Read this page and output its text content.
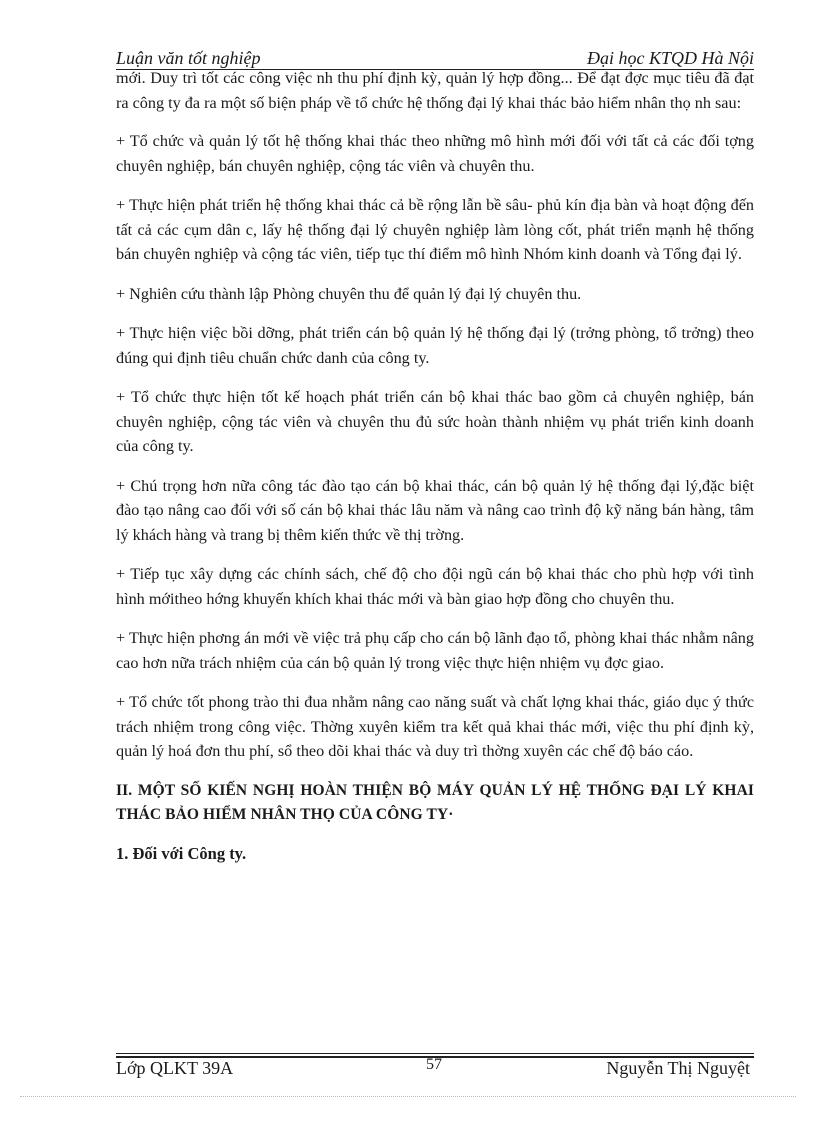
Luận văn tốt nghiệp	Đại học KTQD Hà Nội

mới. Duy trì tốt các công việc nh thu phí định kỳ, quản lý hợp đồng... Để đạt đợc mục tiêu đã đạt ra công ty đa ra một số biện pháp về tổ chức hệ thống đại lý khai thác bảo hiểm nhân thọ nh sau:

+ Tổ chức và quản lý tốt hệ thống khai thác theo những mô hình mới đối với tất cả các đối tợng chuyên nghiệp, bán chuyên nghiệp, cộng tác viên và chuyên thu.

+ Thực hiện phát triển hệ thống khai thác cả bề rộng lẫn bề sâu- phủ kín địa bàn và hoạt động đến tất cả các cụm dân c, lấy hệ thống đại lý chuyên nghiệp làm lòng cốt, phát triển mạnh hệ thống bán chuyên nghiệp và cộng tác viên, tiếp tục thí điểm mô hình Nhóm kinh doanh và Tổng đại lý.

+ Nghiên cứu thành lập Phòng chuyên thu để quản lý đại lý chuyên thu.

+ Thực hiện việc bồi dỡng, phát triển cán bộ quản lý hệ thống đại lý (trởng phòng, tổ trởng) theo đúng qui định tiêu chuẩn chức danh của công ty.

+ Tổ chức thực hiện tốt kế hoạch phát triển cán bộ khai thác bao gồm cả chuyên nghiệp, bán chuyên nghiệp, cộng tác viên và chuyên thu đủ sức hoàn thành nhiệm vụ phát triển kinh doanh của công ty.

+ Chú trọng hơn nữa công tác đào tạo cán bộ khai thác, cán bộ quản lý hệ thống đại lý,đặc biệt đào tạo nâng cao đối với số cán bộ khai thác lâu năm và nâng cao trình độ kỹ năng bán hàng, tâm lý khách hàng và trang bị thêm kiến thức về thị trờng.

+ Tiếp tục xây dựng các chính sách, chế độ cho đội ngũ cán bộ khai thác cho phù hợp với tình hình mớitheo hớng khuyến khích khai thác mới và bàn giao hợp đồng cho chuyên thu.

+ Thực hiện phơng án mới về việc trả phụ cấp cho cán bộ lãnh đạo tổ, phòng khai thác nhằm nâng cao hơn nữa trách nhiệm của cán bộ quản lý trong việc thực hiện nhiệm vụ đợc giao.

+ Tổ chức tốt phong trào thi đua nhằm nâng cao năng suất và chất lợng khai thác, giáo dục ý thức trách nhiệm trong công việc. Thờng xuyên kiểm tra kết quả khai thác mới, việc thu phí định kỳ, quản lý hoá đơn thu phí, sổ theo dõi khai thác và duy trì thờng xuyên các chế độ báo cáo.

II. MỘT SỐ KIẾN NGHỊ HOÀN THIỆN BỘ MÁY QUẢN LÝ HỆ THỐNG ĐẠI LÝ KHAI THÁC BẢO HIỂM NHÂN THỌ CỦA CÔNG TY·

1. Đối với Công ty.

Lớp QLKT 39A	57	Nguyễn Thị Nguyệt
